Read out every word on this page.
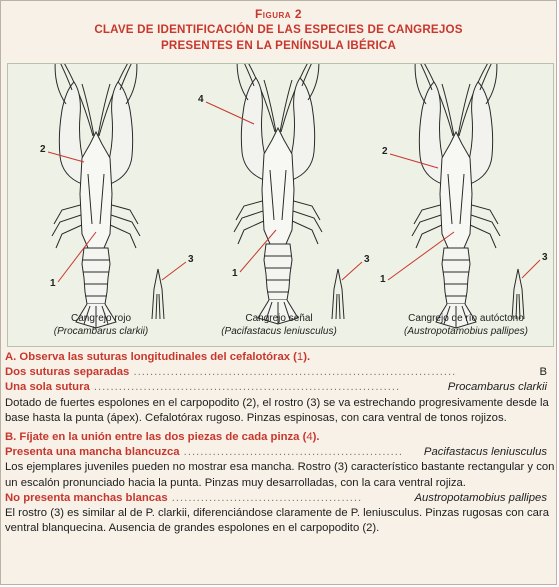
Figura 2
CLAVE DE IDENTIFICACIÓN DE LAS ESPECIES DE CANGREJOS
PRESENTES EN LA PENÍNSULA IBÉRICA
2
1
3
4
1
3
2
1
3
Cangrejo rojo
(Procambarus clarkii)
Cangrejo señal
(Pacifastacus leniusculus)
Cangrejo de río autóctono
(Austropotamobius pallipes)
A. Observa las suturas longitudinales del cefalotórax (1).
Dos suturas separadas ..............................................................................	B
Una sola sutura ..........................................................................	Procambarus clarkii
Dotado de fuertes espolones en el carpopodito (2), el rostro (3) se va estrechando progresivamente desde la base hasta la punta (ápex). Cefalotórax rugoso. Pinzas espinosas, con cara ventral de tonos rojizos.
B. Fíjate en la unión entre las dos piezas de cada pinza (4).
Presenta una mancha blancuzca ..................................................... Pacifastacus leniusculus
Los ejemplares juveniles pueden no mostrar esa mancha. Rostro (3) característico bastante rectangular y con un escalón pronunciado hacia la punta. Pinzas muy desarrolladas, con la cara ventral rojiza.
No presenta manchas blancas ..............................................	Austropotamobius pallipes
El rostro (3) es similar al de P. clarkii, diferenciándose claramente de P. leniusculus. Pinzas rugosas con cara ventral blanquecina. Ausencia de grandes espolones en el carpopodito (2).
